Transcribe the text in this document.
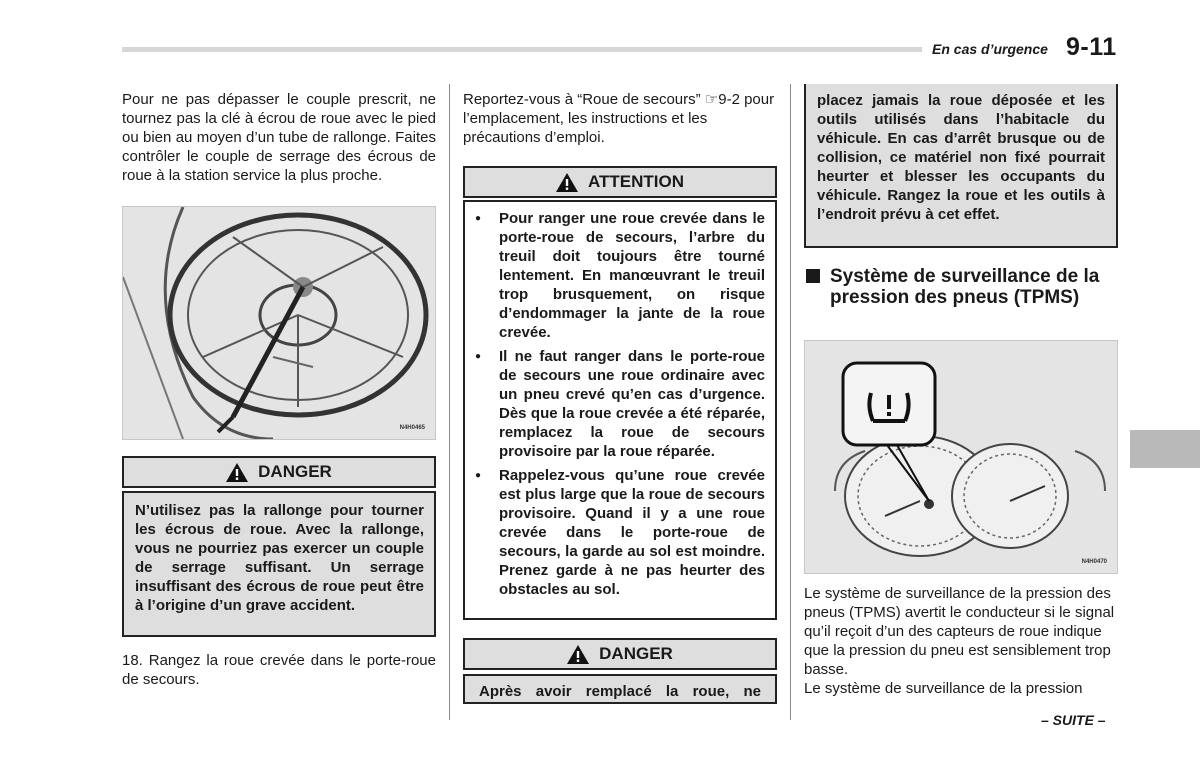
En cas d’urgence 9-11

Pour ne pas dépasser le couple prescrit, ne tournez pas la clé à écrou de roue avec le pied ou bien au moyen d’un tube de rallonge. Faites contrôler le couple de serrage des écrous de roue à la station service la plus proche.

N4H0465
DANGER

N’utilisez pas la rallonge pour tourner les écrous de roue. Avec la rallonge, vous ne pourriez pas exercer un couple de serrage suffisant. Un serrage insuffisant des écrous de roue peut être à l’origine d’un grave accident.

18. Rangez la roue crevée dans le porte-roue de secours.

Reportez-vous à “Roue de secours” ☞9-2 pour l’emplacement, les instructions et les précautions d’emploi.

ATTENTION
● Pour ranger une roue crevée dans le porte-roue de secours, l’arbre du treuil doit toujours être tourné lentement. En manœuvrant le treuil trop brusquement, on risque d’endommager la jante de la roue crevée.
● Il ne faut ranger dans le porte-roue de secours une roue ordinaire avec un pneu crevé qu’en cas d’urgence. Dès que la roue crevée a été réparée, remplacez la roue de secours provisoire par la roue réparée.
● Rappelez-vous qu’une roue crevée est plus large que la roue de secours provisoire. Quand il y a une roue crevée dans le porte-roue de secours, la garde au sol est moindre. Prenez garde à ne pas heurter des obstacles au sol.
DANGER

Après avoir remplacé la roue, ne

placez jamais la roue déposée et les outils utilisés dans l’habitacle du véhicule. En cas d’arrêt brusque ou de collision, ce matériel non fixé pourrait heurter et blesser les occupants du véhicule. Rangez la roue et les outils à l’endroit prévu à cet effet.

Système de surveillance de la pression des pneus (TPMS)
N4H0470

Le système de surveillance de la pression des pneus (TPMS) avertit le conducteur si le signal qu’il reçoit d’un des capteurs de roue indique que la pression du pneu est sensiblement trop basse.

Le système de surveillance de la pression

– SUITE –
